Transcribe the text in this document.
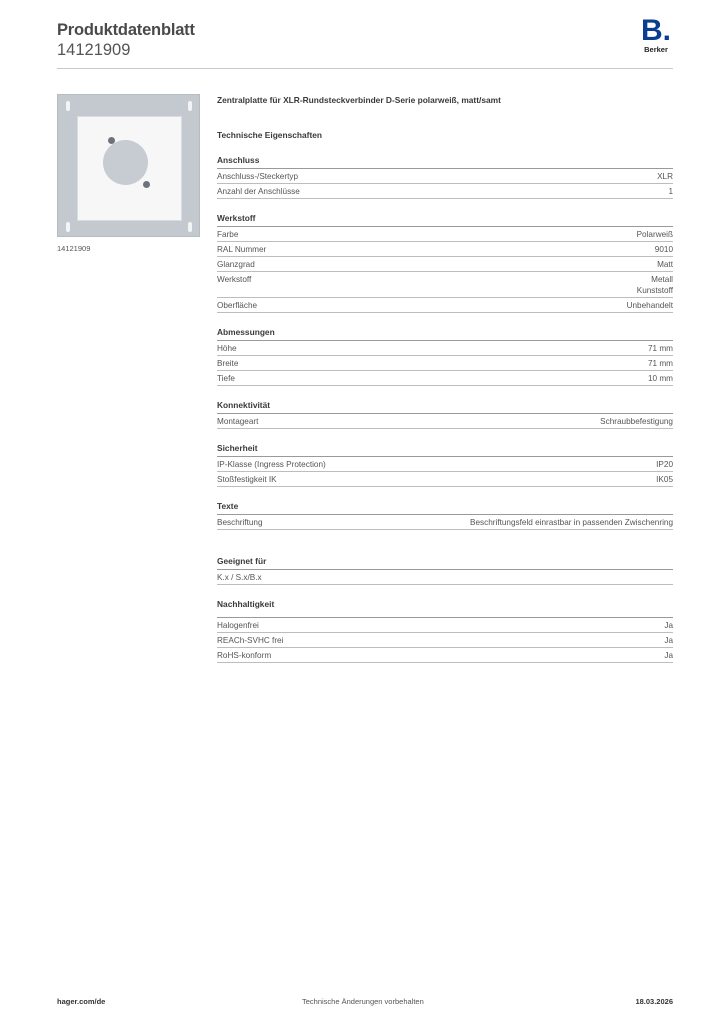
Produktdatenblatt
14121909
B.
Berker
14121909
Zentralplatte für XLR-Rundsteckverbinder D-Serie polarweiß, matt/samt
Technische Eigenschaften
Anschluss
Anschluss-/Steckertyp	XLR
Anzahl der Anschlüsse	1
Werkstoff
Farbe	Polarweiß
RAL Nummer	9010
Glanzgrad	Matt
Werkstoff	Metall
Kunststoff
Oberfläche	Unbehandelt
Abmessungen
Höhe	71 mm
Breite	71 mm
Tiefe	10 mm
Konnektivität
Montageart	Schraubbefestigung
Sicherheit
IP-Klasse (Ingress Protection)	IP20
Stoßfestigkeit IK	IK05
Texte
Beschriftung	Beschriftungsfeld einrastbar in passenden Zwischenring
Geeignet für
K.x / S.x/B.x
Nachhaltigkeit
Halogenfrei	Ja
REACh-SVHC frei	Ja
RoHS-konform	Ja
hager.com/de	Technische Änderungen vorbehalten	18.03.2026
